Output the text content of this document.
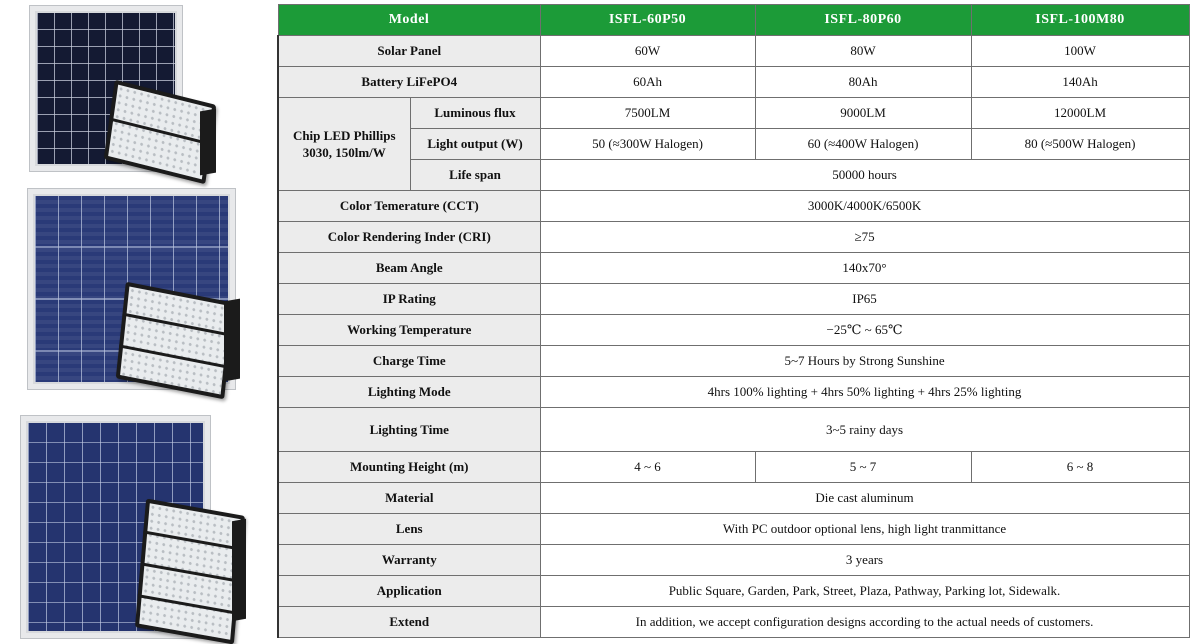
Model		ISFL-60P50	ISFL-80P60	ISFL-100M80
Solar Panel		60W	80W	100W
Battery LiFePO4		60Ah	80Ah	140Ah
Chip LED Phillips
3030, 150lm/W	Luminous flux	7500LM	9000LM	12000LM
	Light output (W)	50 (≈300W Halogen)	60 (≈400W Halogen)	80 (≈500W Halogen)
	Life span	50000 hours		
Color Temerature (CCT)		3000K/4000K/6500K		
Color Rendering Inder (CRI)		≥75		
Beam Angle		140x70°		
IP Rating		IP65		
Working Temperature		−25℃ ~ 65℃		
Charge Time		5~7 Hours by Strong Sunshine		
Lighting Mode		4hrs 100% lighting + 4hrs 50% lighting + 4hrs 25% lighting		
Lighting Time		3~5 rainy days		
Mounting Height (m)		4 ~ 6	5 ~ 7	6 ~ 8
Material		Die cast aluminum		
Lens		With PC outdoor optional lens, high light tranmittance		
Warranty		3 years		
Application		Public Square, Garden, Park, Street, Plaza, Pathway, Parking lot, Sidewalk.		
Extend		In addition, we accept configuration designs according to the actual needs of customers.		
